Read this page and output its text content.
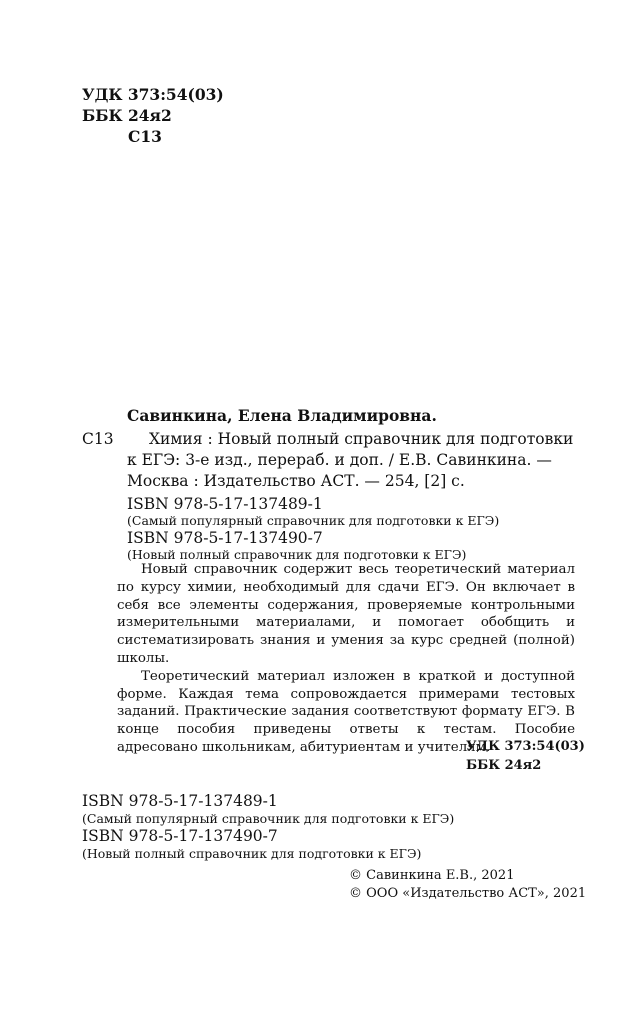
УДК 373:54(03)
ББК 24я2
С13
Савинкина, Елена Владимировна.
С13 Химия : Новый полный справочник для подготовки
к ЕГЭ: 3-е изд., перераб. и доп. / Е.В. Савинкина. —
Москва : Издательство АСТ. — 254, [2] с.
ISBN 978-5-17-137489-1
(Самый популярный справочник для подготовки к ЕГЭ)
ISBN 978-5-17-137490-7
(Новый полный справочник для подготовки к ЕГЭ)

Новый справочник содержит весь теоретический материал по курсу химии, необходимый для сдачи ЕГЭ. Он включает в себя все элементы содержания, проверяемые контрольными измерительными материалами, и помогает обобщить и систематизировать знания и умения за курс средней (полной) школы.

Теоретический материал изложен в краткой и доступной форме. Каждая тема сопровождается примерами тестовых заданий. Практические задания соответствуют формату ЕГЭ. В конце пособия приведены ответы к тестам. Пособие адресовано школьникам, абитуриентам и учителям.

УДК 373:54(03)
ББК 24я2
ISBN 978-5-17-137489-1
(Самый популярный справочник для подготовки к ЕГЭ)
ISBN 978-5-17-137490-7
(Новый полный справочник для подготовки к ЕГЭ)
© Савинкина Е.В., 2021
© ООО «Издательство АСТ», 2021
